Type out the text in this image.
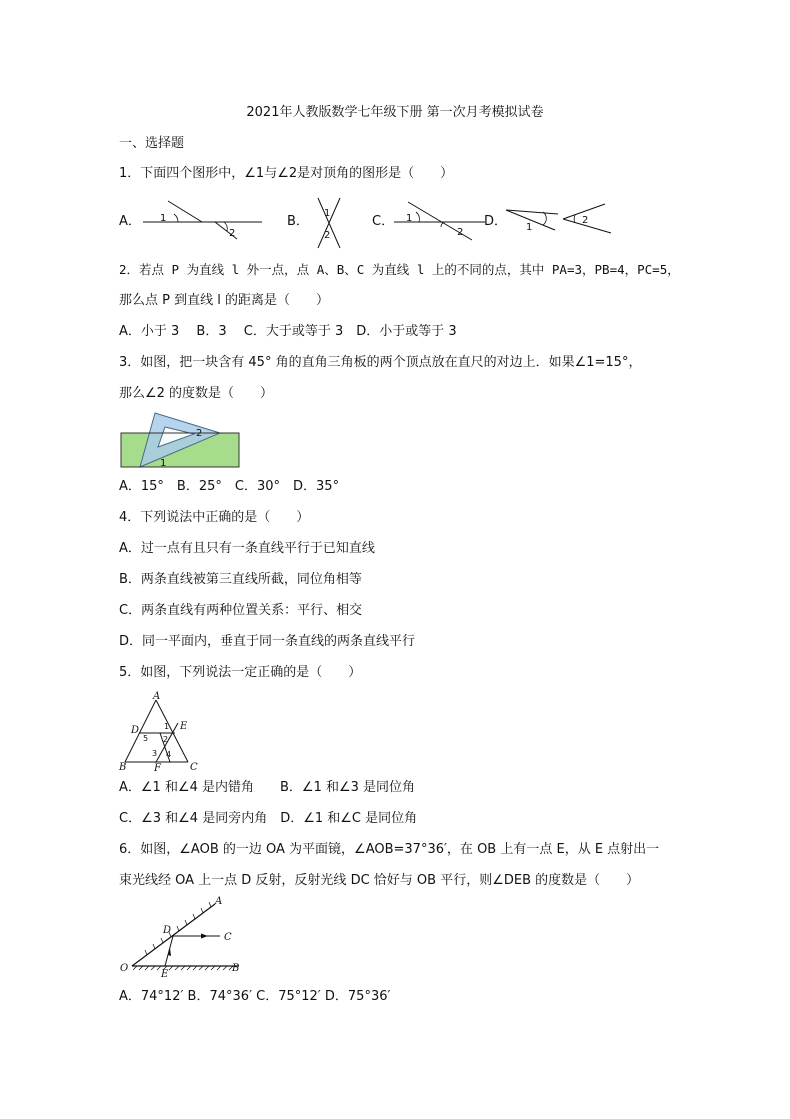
2021年人教版数学七年级下册 第一次月考模拟试卷
一、选择题
1．下面四个图形中，∠1与∠2是对顶角的图形是（　　）
A．	B．	C．	D．
1
2
1
2
1
2	1
2
2．若点 P 为直线 l 外一点，点 A、B、C 为直线 l 上的不同的点，其中 PA=3，PB=4，PC=5，
那么点 P 到直线 l 的距离是（　　）
A．小于 3　 B．3　 C．大于或等于 3　D．小于或等于 3
3．如图，把一块含有 45° 角的直角三角板的两个顶点放在直尺的对边上．如果∠1=15°，
那么∠2 的度数是（　　）
2
1
A．15°　B．25°　C．30°　D．35°
4．下列说法中正确的是（　　）
A．过一点有且只有一条直线平行于已知直线
B．两条直线被第三直线所截，同位角相等
C．两条直线有两种位置关系：平行、相交
D．同一平面内，垂直于同一条直线的两条直线平行
5．如图，下列说法一定正确的是（　　）
A
D	E
B	F	C
1
2
5
3 4
A．∠1 和∠4 是内错角　　B．∠1 和∠3 是同位角
C．∠3 和∠4 是同旁内角　D．∠1 和∠C 是同位角
6．如图，∠AOB 的一边 OA 为平面镜，∠AOB=37°36′，在 OB 上有一点 E，从 E 点射出一
束光线经 OA 上一点 D 反射，反射光线 DC 恰好与 OB 平行，则∠DEB 的度数是（　　）
A
D
C
O	B
E
A．74°12′ B．74°36′ C．75°12′ D．75°36′
